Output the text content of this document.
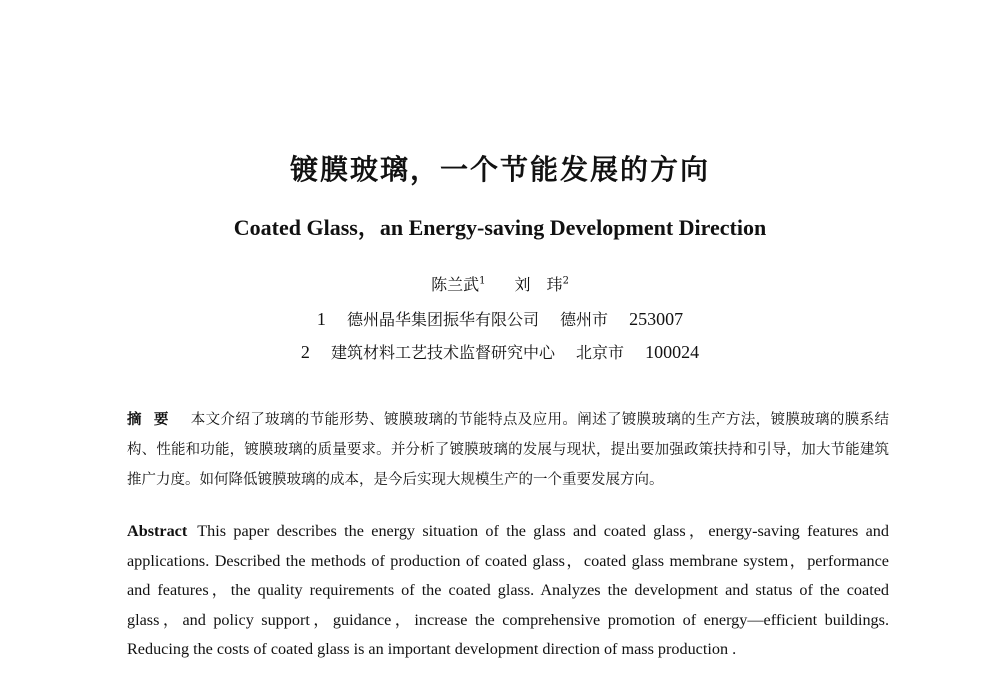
镀膜玻璃，一个节能发展的方向
Coated Glass，an Energy-saving Development Direction
陈兰武$^1$ 刘　玮$^2$
1 德州晶华集团振华有限公司 德州市 253007
2 建筑材料工艺技术监督研究中心 北京市 100024
摘要 本文介绍了玻璃的节能形势、镀膜玻璃的节能特点及应用。阐述了镀膜玻璃的生产方法，镀膜玻璃的膜系结构、性能和功能，镀膜玻璃的质量要求。并分析了镀膜玻璃的发展与现状，提出要加强政策扶持和引导，加大节能建筑推广力度。如何降低镀膜玻璃的成本，是今后实现大规模生产的一个重要发展方向。
Abstract This paper describes the energy situation of the glass and coated glass，energy-saving features and applications. Described the methods of production of coated glass，coated glass membrane system，performance and features，the quality requirements of the coated glass. Analyzes the development and status of the coated glass，and policy support，guidance，increase the comprehensive promotion of energy—efficient buildings. Reducing the costs of coated glass is an important development direction of mass production .
